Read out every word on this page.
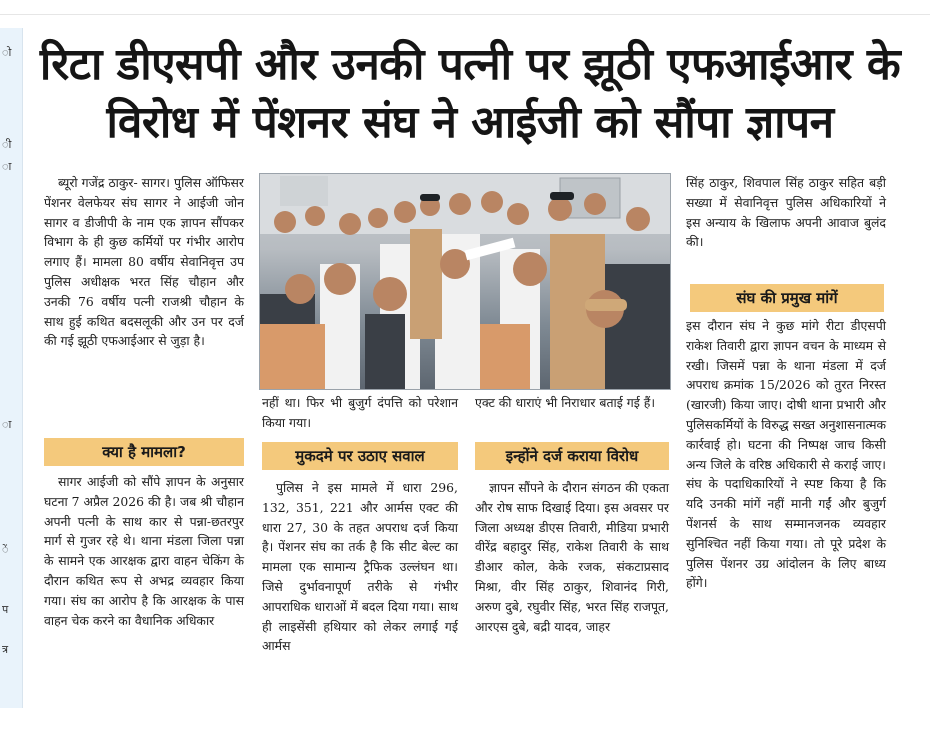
ो
ी
ा
ा
ें
प
त्र
रिटा डीएसपी और उनकी पत्नी पर झूठी एफआईआर के
विरोध में पेंशनर संघ ने आईजी को सौंपा ज्ञापन

ब्यूरो गजेंद्र ठाकुर- सागर। पुलिस ऑफिसर पेंशनर वेलफेयर संघ सागर ने आईजी जोन सागर व डीजीपी के नाम एक ज्ञापन सौंपकर विभाग के ही कुछ कर्मियों पर गंभीर आरोप लगाए हैं। मामला 80 वर्षीय सेवानिवृत्त उप पुलिस अधीक्षक भरत सिंह चौहान और उनकी 76 वर्षीय पत्नी राजश्री चौहान के साथ हुई कथित बदसलूकी और उन पर दर्ज की गई झूठी एफआईआर से जुड़ा है।

क्या है मामला?

सागर आईजी को सौंपे ज्ञापन के अनुसार घटना 7 अप्रैल 2026 की है। जब श्री चौहान अपनी पत्नी के साथ कार से पन्ना-छतरपुर मार्ग से गुजर रहे थे। थाना मंडला जिला पन्ना के सामने एक आरक्षक द्वारा वाहन चेकिंग के दौरान कथित रूप से अभद्र व्यवहार किया गया। संघ का आरोप है कि आरक्षक के पास वाहन चेक करने का वैधानिक अधिकार

नहीं था। फिर भी बुजुर्ग दंपत्ति को परेशान किया गया।

मुकदमे पर उठाए सवाल

पुलिस ने इस मामले में धारा 296, 132, 351, 221 और आर्मस एक्ट की धारा 27, 30 के तहत अपराध दर्ज किया है। पेंशनर संघ का तर्क है कि सीट बेल्ट का मामला एक सामान्य ट्रैफिक उल्लंघन था। जिसे दुर्भावनापूर्ण तरीके से गंभीर आपराधिक धाराओं में बदल दिया गया। साथ ही लाइसेंसी हथियार को लेकर लगाई गई आर्मस

एक्ट की धाराएं भी निराधार बताई गई हैं।

इन्होंने दर्ज कराया विरोध

ज्ञापन सौंपने के दौरान संगठन की एकता और रोष साफ दिखाई दिया। इस अवसर पर जिला अध्यक्ष डीएस तिवारी, मीडिया प्रभारी वीरेंद्र बहादुर सिंह, राकेश तिवारी के साथ डीआर कोल, केके रजक, संकटाप्रसाद मिश्रा, वीर सिंह ठाकुर, शिवानंद गिरी, अरुण दुबे, रघुवीर सिंह, भरत सिंह राजपूत, आरएस दुबे, बद्री यादव, जाहर

सिंह ठाकुर, शिवपाल सिंह ठाकुर सहित बड़ी सख्या में सेवानिवृत्त पुलिस अधिकारियों ने इस अन्याय के खिलाफ अपनी आवाज बुलंद की।

संघ की प्रमुख मांगें

इस दौरान संघ ने कुछ मांगे रीटा डीएसपी राकेश तिवारी द्वारा ज्ञापन वचन के माध्यम से रखी। जिसमें पन्ना के थाना मंडला में दर्ज अपराध क्रमांक 15/2026 को तुरत निरस्त (खारजी) किया जाए। दोषी थाना प्रभारी और पुलिसकर्मियों के विरुद्ध सख्त अनुशासनात्मक कार्रवाई हो। घटना की निष्पक्ष जाच किसी अन्य जिले के वरिष्ठ अधिकारी से कराई जाए। संघ के पदाधिकारियों ने स्पष्ट किया है कि यदि उनकी मांगें नहीं मानी गईं और बुजुर्ग पेंशनर्स के साथ सम्मानजनक व्यवहार सुनिश्चित नहीं किया गया। तो पूरे प्रदेश के पुलिस पेंशनर उग्र आंदोलन के लिए बाध्य होंगे।
